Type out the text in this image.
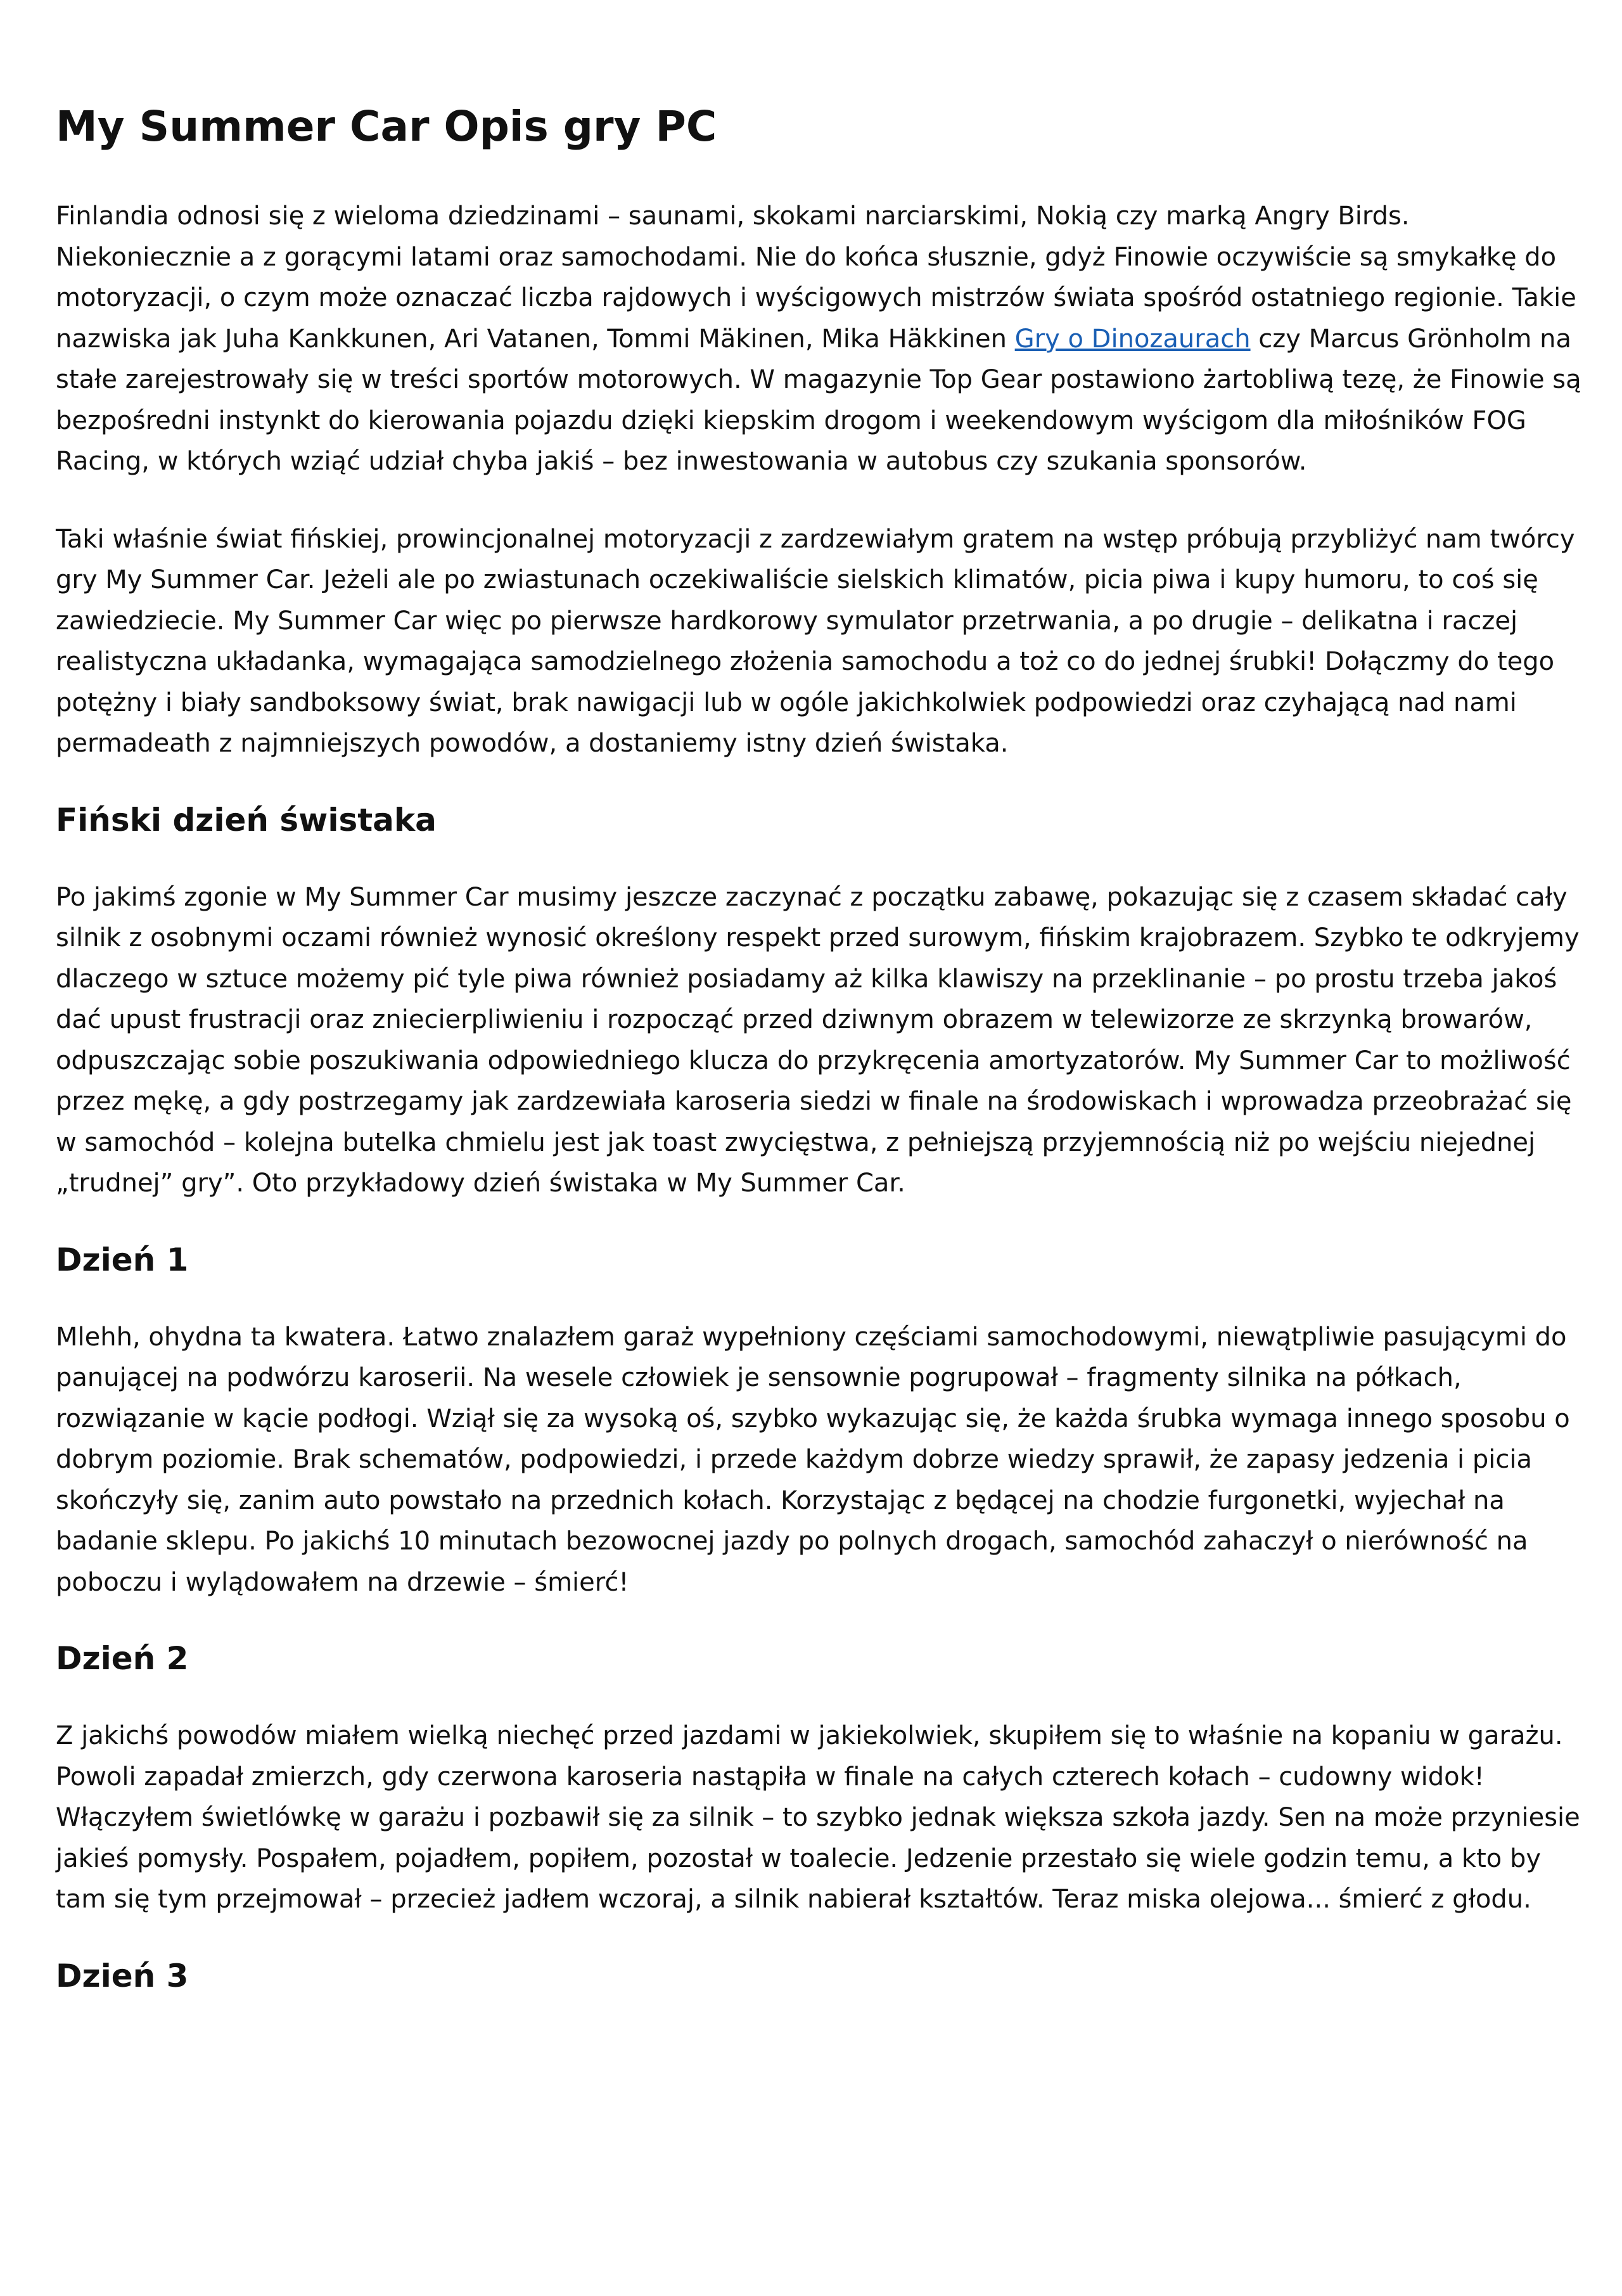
My Summer Car Opis gry PC

Finlandia odnosi się z wieloma dziedzinami – saunami, skokami narciarskimi, Nokią czy marką Angry Birds. Niekoniecznie a z gorącymi latami oraz samochodami. Nie do końca słusznie, gdyż Finowie oczywiście są smykałkę do motoryzacji, o czym może oznaczać liczba rajdowych i wyścigowych mistrzów świata spośród ostatniego regionie. Takie nazwiska jak Juha Kankkunen, Ari Vatanen, Tommi Mäkinen, Mika Häkkinen Gry o Dinozaurach czy Marcus Grönholm na stałe zarejestrowały się w treści sportów motorowych. W magazynie Top Gear postawiono żartobliwą tezę, że Finowie są bezpośredni instynkt do kierowania pojazdu dzięki kiepskim drogom i weekendowym wyścigom dla miłośników FOG Racing, w których wziąć udział chyba jakiś – bez inwestowania w autobus czy szukania sponsorów.

Taki właśnie świat fińskiej, prowincjonalnej motoryzacji z zardzewiałym gratem na wstęp próbują przybliżyć nam twórcy gry My Summer Car. Jeżeli ale po zwiastunach oczekiwaliście sielskich klimatów, picia piwa i kupy humoru, to coś się zawiedziecie. My Summer Car więc po pierwsze hardkorowy symulator przetrwania, a po drugie – delikatna i raczej realistyczna układanka, wymagająca samodzielnego złożenia samochodu a toż co do jednej śrubki! Dołączmy do tego potężny i biały sandboksowy świat, brak nawigacji lub w ogóle jakichkolwiek podpowiedzi oraz czyhającą nad nami permadeath z najmniejszych powodów, a dostaniemy istny dzień świstaka.

Fiński dzień świstaka

Po jakimś zgonie w My Summer Car musimy jeszcze zaczynać z początku zabawę, pokazując się z czasem składać cały silnik z osobnymi oczami również wynosić określony respekt przed surowym, fińskim krajobrazem. Szybko te odkryjemy dlaczego w sztuce możemy pić tyle piwa również posiadamy aż kilka klawiszy na przeklinanie – po prostu trzeba jakoś dać upust frustracji oraz zniecierpliwieniu i rozpocząć przed dziwnym obrazem w telewizorze ze skrzynką browarów, odpuszczając sobie poszukiwania odpowiedniego klucza do przykręcenia amortyzatorów. My Summer Car to możliwość przez mękę, a gdy postrzegamy jak zardzewiała karoseria siedzi w finale na środowiskach i wprowadza przeobrażać się w samochód – kolejna butelka chmielu jest jak toast zwycięstwa, z pełniejszą przyjemnością niż po wejściu niejednej „trudnej” gry”. Oto przykładowy dzień świstaka w My Summer Car.

Dzień 1

Mlehh, ohydna ta kwatera. Łatwo znalazłem garaż wypełniony częściami samochodowymi, niewątpliwie pasującymi do panującej na podwórzu karoserii. Na wesele człowiek je sensownie pogrupował – fragmenty silnika na półkach, rozwiązanie w kącie podłogi. Wziął się za wysoką oś, szybko wykazując się, że każda śrubka wymaga innego sposobu o dobrym poziomie. Brak schematów, podpowiedzi, i przede każdym dobrze wiedzy sprawił, że zapasy jedzenia i picia skończyły się, zanim auto powstało na przednich kołach. Korzystając z będącej na chodzie furgonetki, wyjechał na badanie sklepu. Po jakichś 10 minutach bezowocnej jazdy po polnych drogach, samochód zahaczył o nierówność na poboczu i wylądowałem na drzewie – śmierć!

Dzień 2

Z jakichś powodów miałem wielką niechęć przed jazdami w jakiekolwiek, skupiłem się to właśnie na kopaniu w garażu. Powoli zapadał zmierzch, gdy czerwona karoseria nastąpiła w finale na całych czterech kołach – cudowny widok! Włączyłem świetlówkę w garażu i pozbawił się za silnik – to szybko jednak większa szkoła jazdy. Sen na może przyniesie jakieś pomysły. Pospałem, pojadłem, popiłem, pozostał w toalecie. Jedzenie przestało się wiele godzin temu, a kto by tam się tym przejmował – przecież jadłem wczoraj, a silnik nabierał kształtów. Teraz miska olejowa... śmierć z głodu.

Dzień 3
